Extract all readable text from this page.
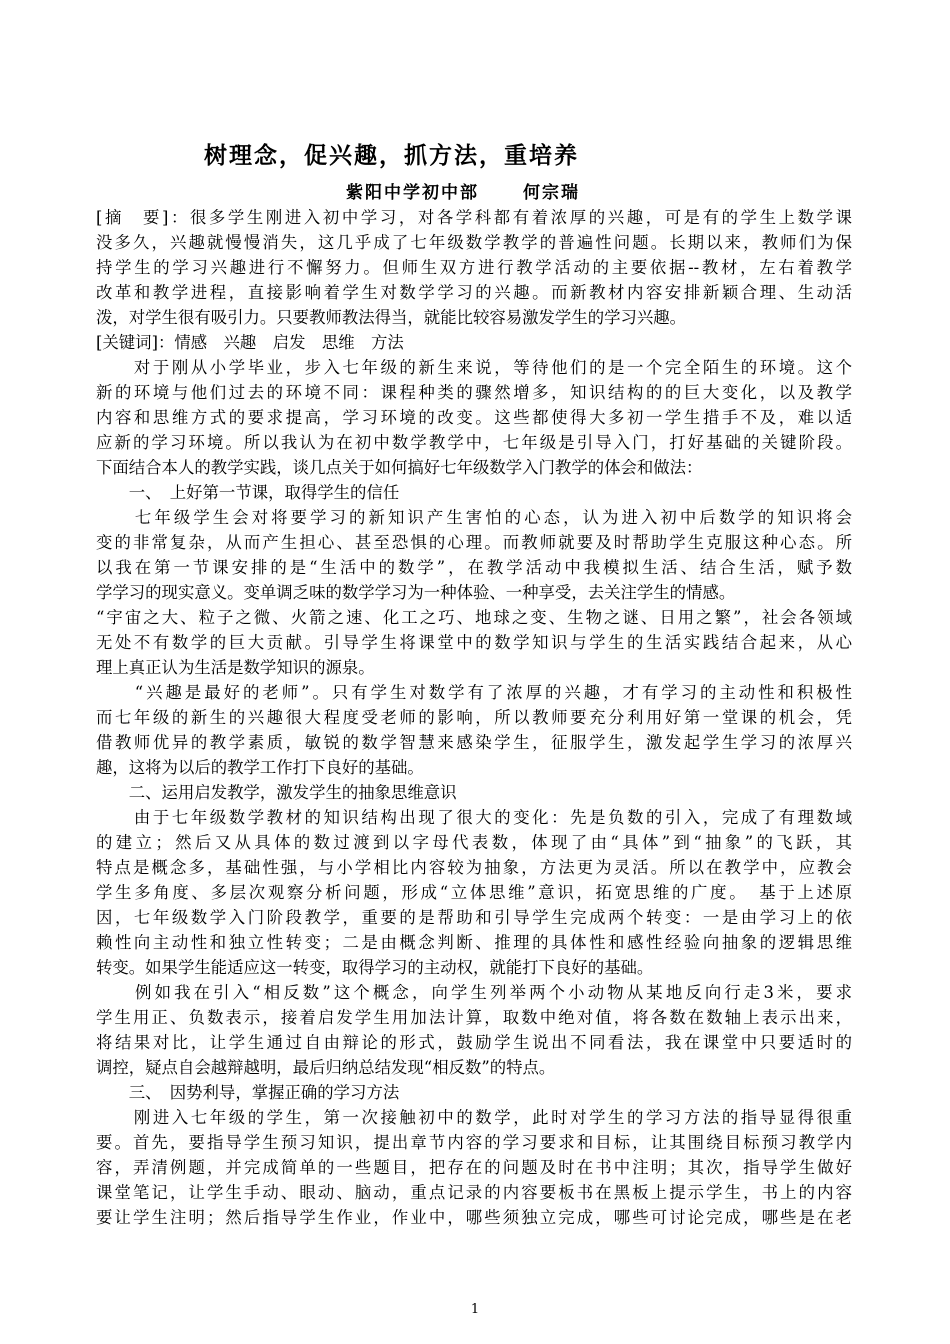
树理念，促兴趣，抓方法，重培养
紫阳中学初中部	何宗瑞
[摘　要]：很多学生刚进入初中学习，对各学科都有着浓厚的兴趣，可是有的学生上数学课
没多久，兴趣就慢慢消失，这几乎成了七年级数学教学的普遍性问题。长期以来，教师们为保
持学生的学习兴趣进行不懈努力。但师生双方进行教学活动的主要依据--教材，左右着教学
改革和教学进程，直接影响着学生对数学学习的兴趣。而新教材内容安排新颖合理、生动活
泼，对学生很有吸引力。只要教师教法得当，就能比较容易激发学生的学习兴趣。
[关键词]：情感　兴趣　启发　思维　方法
　　对于刚从小学毕业，步入七年级的新生来说，等待他们的是一个完全陌生的环境。这个
新的环境与他们过去的环境不同：课程种类的骤然增多，知识结构的的巨大变化，以及教学
内容和思维方式的要求提高，学习环境的改变。这些都使得大多初一学生措手不及，难以适
应新的学习环境。所以我认为在初中数学教学中，七年级是引导入门，打好基础的关键阶段。
下面结合本人的教学实践，谈几点关于如何搞好七年级数学入门教学的体会和做法：
　　一、　上好第一节课，取得学生的信任
　　七年级学生会对将要学习的新知识产生害怕的心态，认为进入初中后数学的知识将会
变的非常复杂，从而产生担心、甚至恐惧的心理。而教师就要及时帮助学生克服这种心态。所
以我在第一节课安排的是“生活中的数学”，在教学活动中我模拟生活、结合生活，赋予数
学学习的现实意义。变单调乏味的数学学习为一种体验、一种享受，去关注学生的情感。
“宇宙之大、粒子之微、火箭之速、化工之巧、地球之变、生物之谜、日用之繁”，社会各领域
无处不有数学的巨大贡献。引导学生将课堂中的数学知识与学生的生活实践结合起来，从心
理上真正认为生活是数学知识的源泉。
　　“兴趣是最好的老师”。只有学生对数学有了浓厚的兴趣，才有学习的主动性和积极性
而七年级的新生的兴趣很大程度受老师的影响，所以教师要充分利用好第一堂课的机会，凭
借教师优异的教学素质，敏锐的数学智慧来感染学生，征服学生，激发起学生学习的浓厚兴
趣，这将为以后的教学工作打下良好的基础。
　　二、运用启发教学，激发学生的抽象思维意识
　　由于七年级数学教材的知识结构出现了很大的变化：先是负数的引入，完成了有理数域
的建立；然后又从具体的数过渡到以字母代表数，体现了由“具体”到“抽象”的飞跃，其
特点是概念多，基础性强，与小学相比内容较为抽象，方法更为灵活。所以在教学中，应教会
学生多角度、多层次观察分析问题，形成“立体思维”意识，拓宽思维的广度。　基于上述原
因，七年级数学入门阶段教学，重要的是帮助和引导学生完成两个转变：一是由学习上的依
赖性向主动性和独立性转变；二是由概念判断、推理的具体性和感性经验向抽象的逻辑思维
转变。如果学生能适应这一转变，取得学习的主动权，就能打下良好的基础。
　　例如我在引入“相反数”这个概念，向学生列举两个小动物从某地反向行走3米，要求
学生用正、负数表示，接着启发学生用加法计算，取数中绝对值，将各数在数轴上表示出来，
将结果对比，让学生通过自由辩论的形式，鼓励学生说出不同看法，我在课堂中只要适时的
调控，疑点自会越辩越明，最后归纳总结发现“相反数”的特点。
　　三、　因势利导，掌握正确的学习方法
　　刚进入七年级的学生，第一次接触初中的数学，此时对学生的学习方法的指导显得很重
要。首先，要指导学生预习知识，提出章节内容的学习要求和目标，让其围绕目标预习教学内
容，弄清例题，并完成简单的一些题目，把存在的问题及时在书中注明；其次，指导学生做好
课堂笔记，让学生手动、眼动、脑动，重点记录的内容要板书在黑板上提示学生，书上的内容
要让学生注明；然后指导学生作业，作业中，哪些须独立完成，哪些可讨论完成，哪些是在老
1
